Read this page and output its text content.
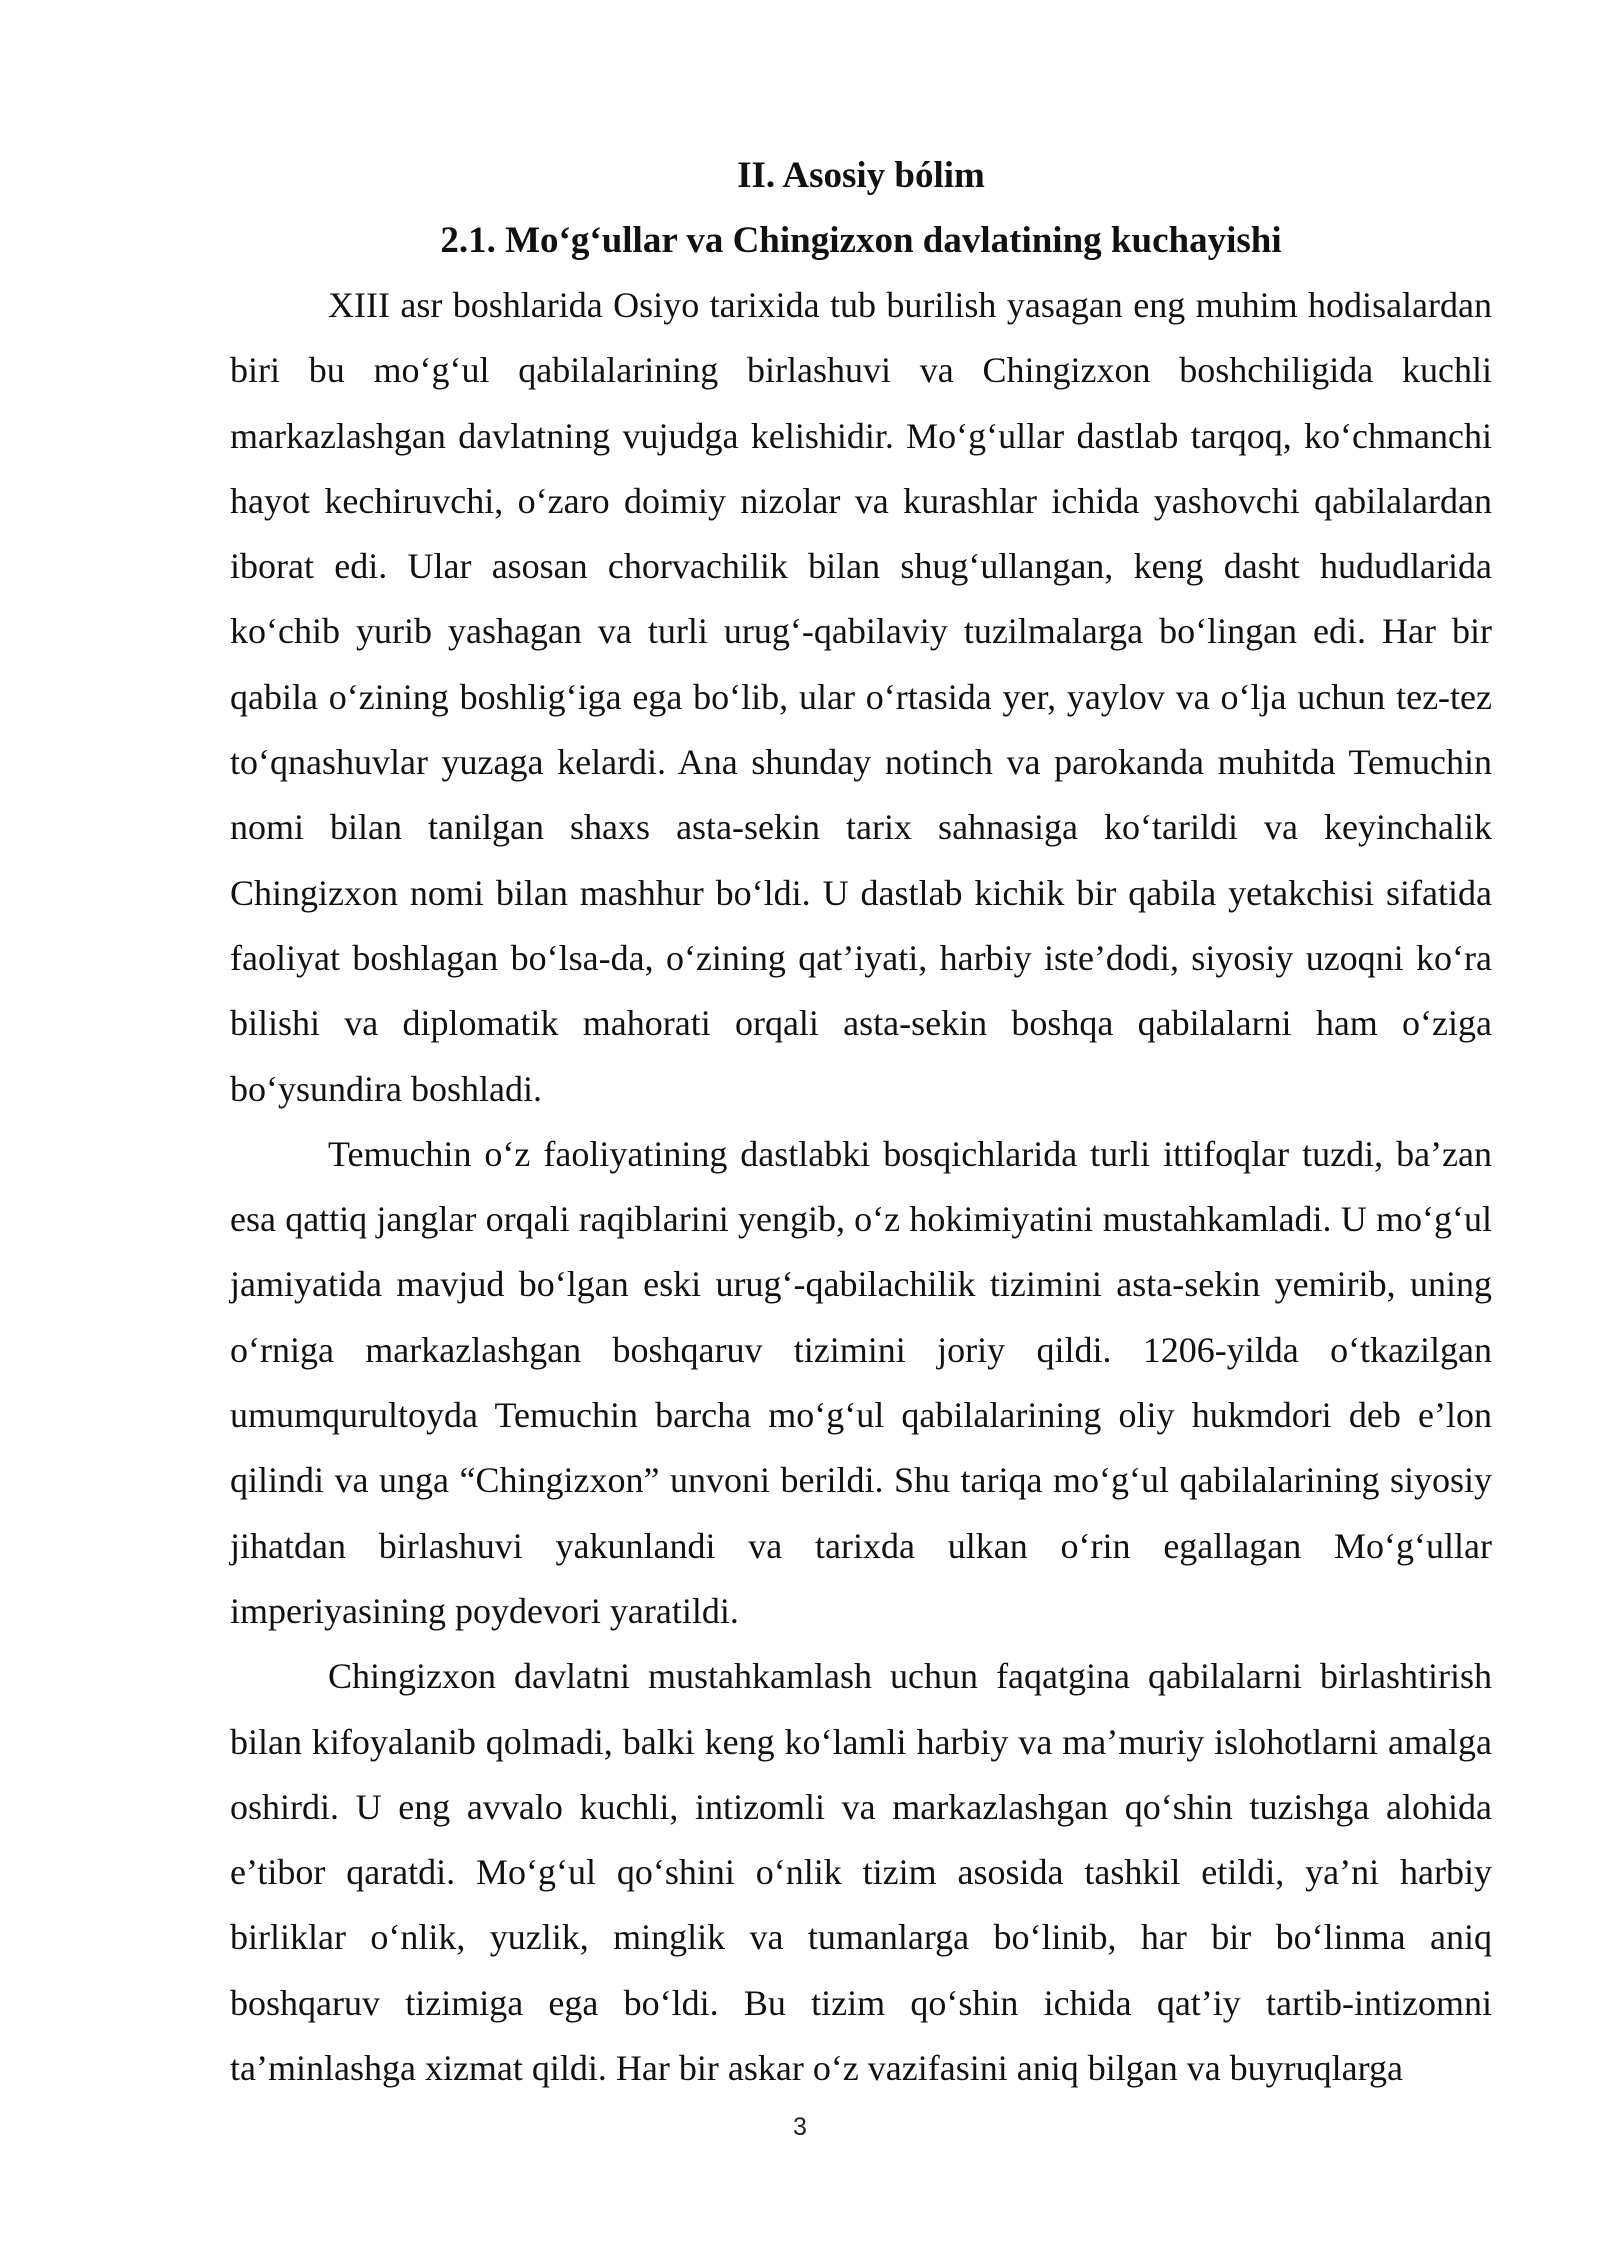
II. Asosiy bólim
2.1. Mo‘g‘ullar va Chingizxon davlatining kuchayishi

XIII asr boshlarida Osiyo tarixida tub burilish yasagan eng muhim hodisalardan biri bu mo‘g‘ul qabilalarining birlashuvi va Chingizxon boshchiligida kuchli markazlashgan davlatning vujudga kelishidir. Mo‘g‘ullar dastlab tarqoq, ko‘chmanchi hayot kechiruvchi, o‘zaro doimiy nizolar va kurashlar ichida yashovchi qabilalardan iborat edi. Ular asosan chorvachilik bilan shug‘ullangan, keng dasht hududlarida ko‘chib yurib yashagan va turli urug‘-qabilaviy tuzilmalarga bo‘lingan edi. Har bir qabila o‘zining boshlig‘iga ega bo‘lib, ular o‘rtasida yer, yaylov va o‘lja uchun tez-tez to‘qnashuvlar yuzaga kelardi. Ana shunday notinch va parokanda muhitda Temuchin nomi bilan tanilgan shaxs asta-sekin tarix sahnasiga ko‘tarildi va keyinchalik Chingizxon nomi bilan mashhur bo‘ldi. U dastlab kichik bir qabila yetakchisi sifatida faoliyat boshlagan bo‘lsa-da, o‘zining qat’iyati, harbiy iste’dodi, siyosiy uzoqni ko‘ra bilishi va diplomatik mahorati orqali asta-sekin boshqa qabilalarni ham o‘ziga bo‘ysundira boshladi.

Temuchin o‘z faoliyatining dastlabki bosqichlarida turli ittifoqlar tuzdi, ba’zan esa qattiq janglar orqali raqiblarini yengib, o‘z hokimiyatini mustahkamladi. U mo‘g‘ul jamiyatida mavjud bo‘lgan eski urug‘-qabilachilik tizimini asta-sekin yemirib, uning o‘rniga markazlashgan boshqaruv tizimini joriy qildi. 1206-yilda o‘tkazilgan umumqurultoyda Temuchin barcha mo‘g‘ul qabilalarining oliy hukmdori deb e’lon qilindi va unga “Chingizxon” unvoni berildi. Shu tariqa mo‘g‘ul qabilalarining siyosiy jihatdan birlashuvi yakunlandi va tarixda ulkan o‘rin egallagan Mo‘g‘ullar imperiyasining poydevori yaratildi.

Chingizxon davlatni mustahkamlash uchun faqatgina qabilalarni birlashtirish bilan kifoyalanib qolmadi, balki keng ko‘lamli harbiy va ma’muriy islohotlarni amalga oshirdi. U eng avvalo kuchli, intizomli va markazlashgan qo‘shin tuzishga alohida e’tibor qaratdi. Mo‘g‘ul qo‘shini o‘nlik tizim asosida tashkil etildi, ya’ni harbiy birliklar o‘nlik, yuzlik, minglik va tumanlarga bo‘linib, har bir bo‘linma aniq boshqaruv tizimiga ega bo‘ldi. Bu tizim qo‘shin ichida qat’iy tartib-intizomni ta’minlashga xizmat qildi. Har bir askar o‘z vazifasini aniq bilgan va buyruqlarga

3
